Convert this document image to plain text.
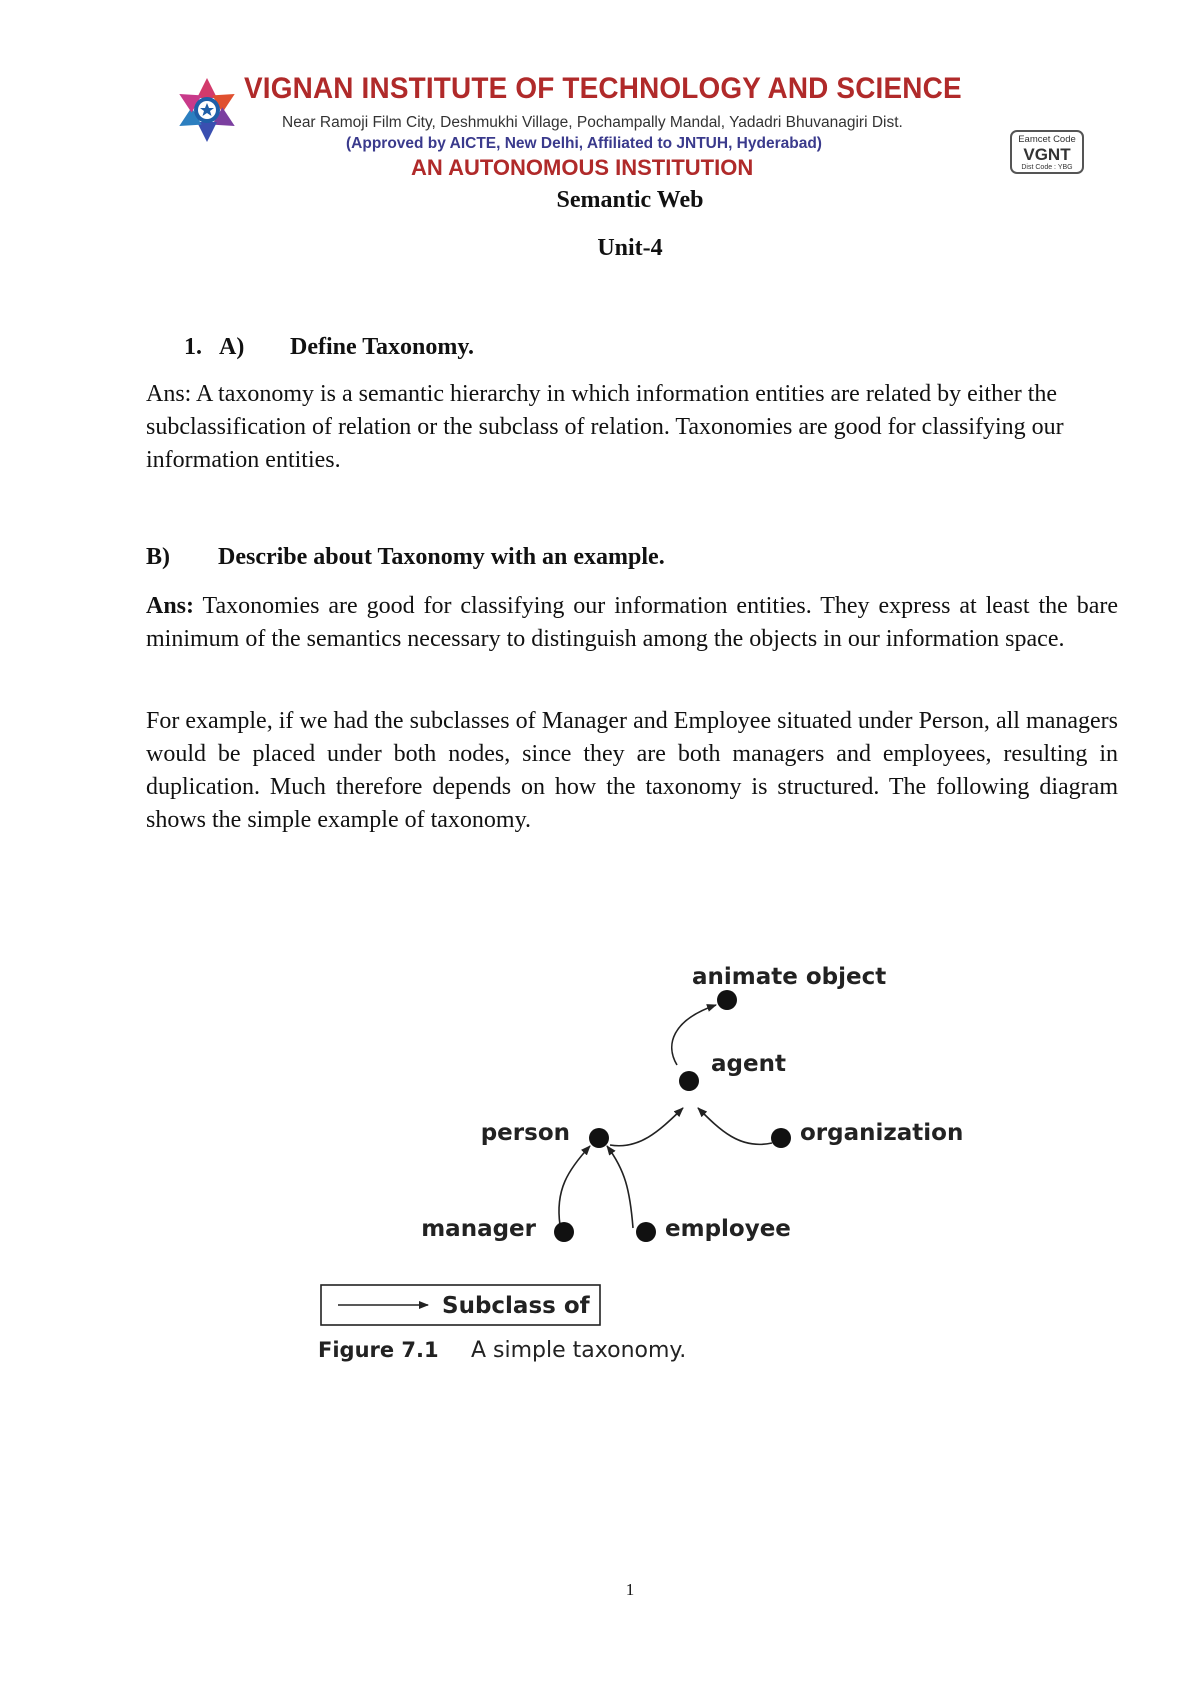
VIGNAN INSTITUTE OF TECHNOLOGY AND SCIENCE
Near Ramoji Film City, Deshmukhi Village, Pochampally Mandal, Yadadri Bhuvanagiri Dist.
(Approved by AICTE, New Delhi, Affiliated to JNTUH, Hyderabad)
AN AUTONOMOUS INSTITUTION
Eamcet Code
VGNT
Dist Code : YBG
Semantic Web
Unit-4
1. A) Define Taxonomy.

Ans: A taxonomy is a semantic hierarchy in which information entities are related by either the subclassification of relation or the subclass of relation. Taxonomies are good for classifying our information entities.

B) Describe about Taxonomy with an example.

Ans: Taxonomies are good for classifying our information entities. They express at least the bare minimum of the semantics necessary to distinguish among the objects in our information space.

For example, if we had the subclasses of Manager and Employee situated under Person, all managers would be placed under both nodes, since they are both managers and employees, resulting in duplication. Much therefore depends on how the taxonomy is structured. The following diagram shows the simple example of taxonomy.

animate object
agent
person	organization
manager	employee
Subclass of
Figure 7.1 A simple taxonomy.
1
